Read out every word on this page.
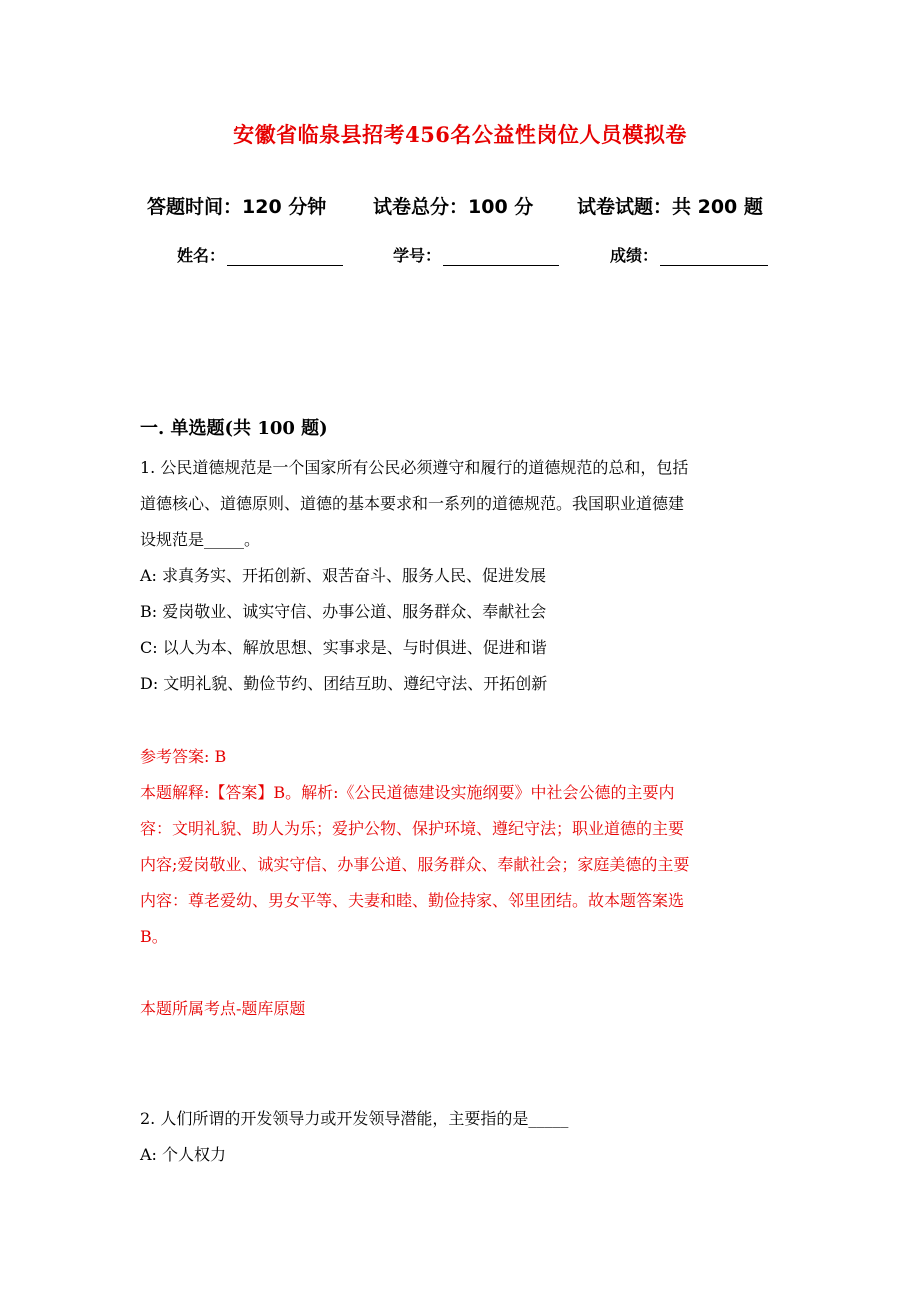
安徽省临泉县招考456名公益性岗位人员模拟卷
答题时间：120 分钟 试卷总分：100 分 试卷试题：共 200 题
姓名：	学号：	成绩：
一. 单选题(共 100 题)
1. 公民道德规范是一个国家所有公民必须遵守和履行的道德规范的总和，包括
道德核心、道德原则、道德的基本要求和一系列的道德规范。我国职业道德建
设规范是_____。
A: 求真务实、开拓创新、艰苦奋斗、服务人民、促进发展
B: 爱岗敬业、诚实守信、办事公道、服务群众、奉献社会
C: 以人为本、解放思想、实事求是、与时俱进、促进和谐
D: 文明礼貌、勤俭节约、团结互助、遵纪守法、开拓创新
参考答案: B
本题解释:【答案】B。解析:《公民道德建设实施纲要》中社会公德的主要内
容：文明礼貌、助人为乐；爱护公物、保护环境、遵纪守法；职业道德的主要
内容;爱岗敬业、诚实守信、办事公道、服务群众、奉献社会；家庭美德的主要
内容：尊老爱幼、男女平等、夫妻和睦、勤俭持家、邻里团结。故本题答案选
B。
本题所属考点-题库原题
2. 人们所谓的开发领导力或开发领导潜能，主要指的是_____
A: 个人权力
